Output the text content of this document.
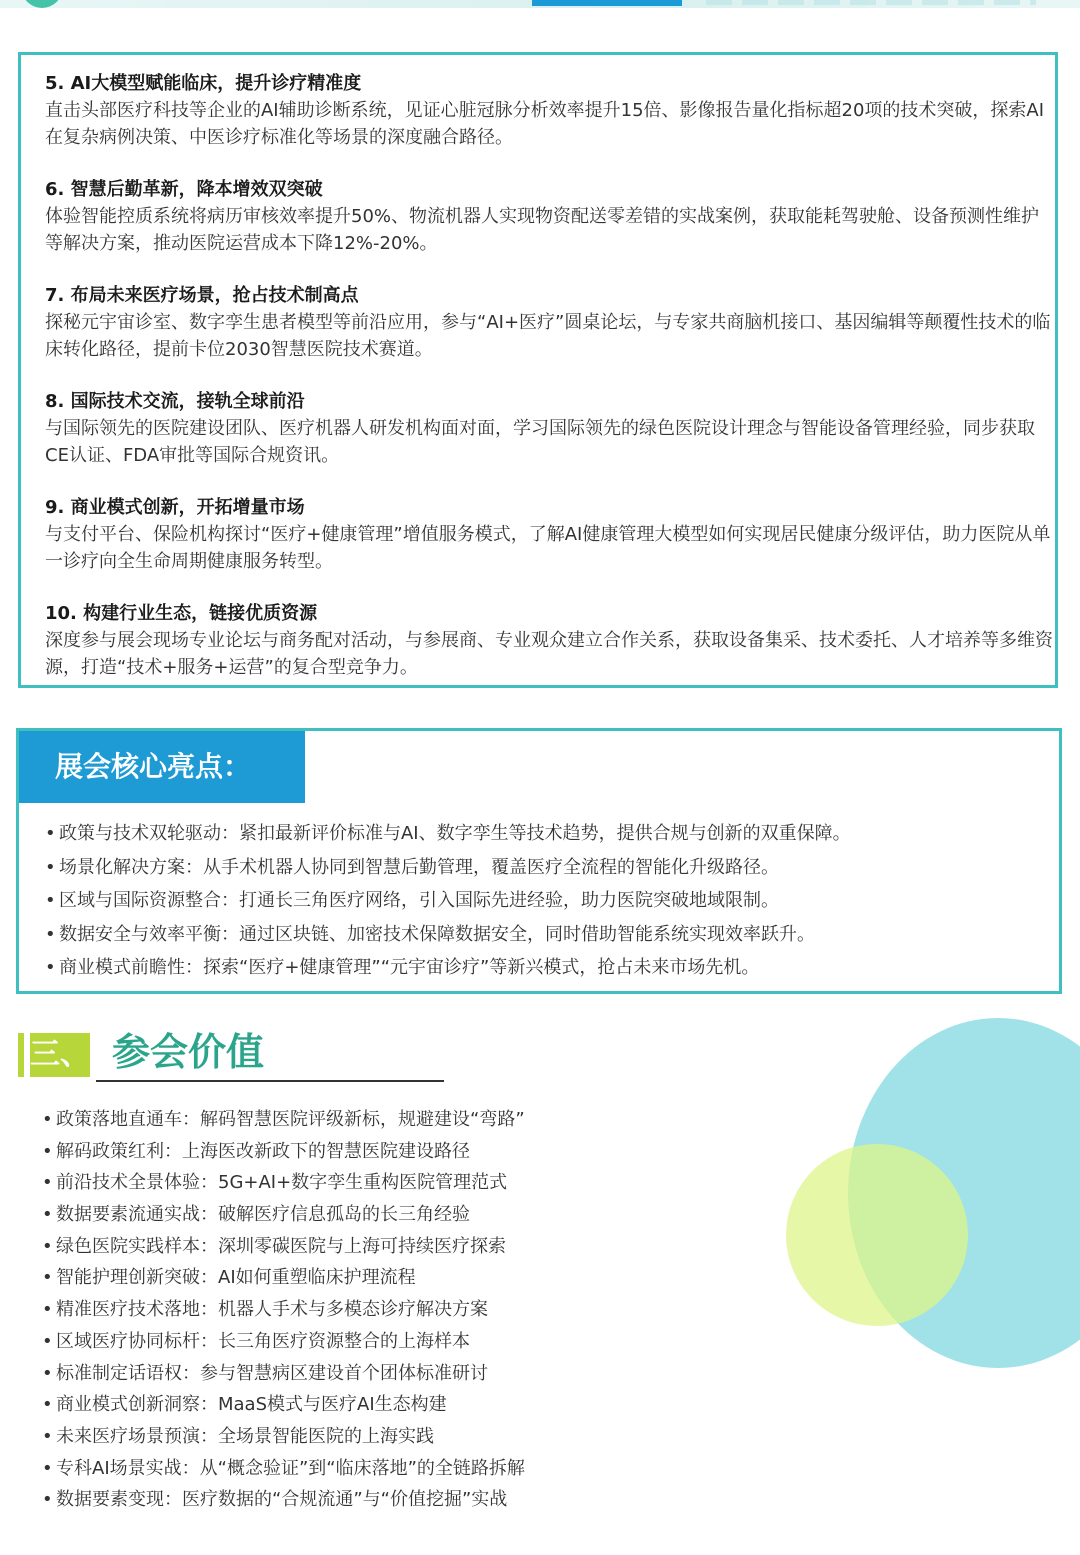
5. AI大模型赋能临床，提升诊疗精准度
直击头部医疗科技等企业的AI辅助诊断系统，见证心脏冠脉分析效率提升15倍、影像报告量化指标超20项的技术突破，探索AI在复杂病例决策、中医诊疗标准化等场景的深度融合路径。
6. 智慧后勤革新，降本增效双突破
体验智能控质系统将病历审核效率提升50%、物流机器人实现物资配送零差错的实战案例，获取能耗驾驶舱、设备预测性维护等解决方案，推动医院运营成本下降12%-20%。
7. 布局未来医疗场景，抢占技术制高点
探秘元宇宙诊室、数字孪生患者模型等前沿应用，参与“AI+医疗”圆桌论坛，与专家共商脑机接口、基因编辑等颠覆性技术的临床转化路径，提前卡位2030智慧医院技术赛道。
8. 国际技术交流，接轨全球前沿
与国际领先的医院建设团队、医疗机器人研发机构面对面，学习国际领先的绿色医院设计理念与智能设备管理经验，同步获取CE认证、FDA审批等国际合规资讯。
9. 商业模式创新，开拓增量市场
与支付平台、保险机构探讨“医疗+健康管理”增值服务模式，了解AI健康管理大模型如何实现居民健康分级评估，助力医院从单一诊疗向全生命周期健康服务转型。
10. 构建行业生态，链接优质资源
深度参与展会现场专业论坛与商务配对活动，与参展商、专业观众建立合作关系，获取设备集采、技术委托、人才培养等多维资源，打造“技术+服务+运营”的复合型竞争力。
展会核心亮点：
• 政策与技术双轮驱动：紧扣最新评价标准与AI、数字孪生等技术趋势，提供合规与创新的双重保障。
• 场景化解决方案：从手术机器人协同到智慧后勤管理，覆盖医疗全流程的智能化升级路径。
• 区域与国际资源整合：打通长三角医疗网络，引入国际先进经验，助力医院突破地域限制。
• 数据安全与效率平衡：通过区块链、加密技术保障数据安全，同时借助智能系统实现效率跃升。
• 商业模式前瞻性：探索“医疗+健康管理”“元宇宙诊疗”等新兴模式，抢占未来市场先机。
三、 参会价值
• 政策落地直通车：解码智慧医院评级新标，规避建设“弯路”
• 解码政策红利：上海医改新政下的智慧医院建设路径
• 前沿技术全景体验：5G+AI+数字孪生重构医院管理范式
• 数据要素流通实战：破解医疗信息孤岛的长三角经验
• 绿色医院实践样本：深圳零碳医院与上海可持续医疗探索
• 智能护理创新突破：AI如何重塑临床护理流程
• 精准医疗技术落地：机器人手术与多模态诊疗解决方案
• 区域医疗协同标杆：长三角医疗资源整合的上海样本
• 标准制定话语权：参与智慧病区建设首个团体标准研讨
• 商业模式创新洞察：MaaS模式与医疗AI生态构建
• 未来医疗场景预演：全场景智能医院的上海实践
• 专科AI场景实战：从“概念验证”到“临床落地”的全链路拆解
• 数据要素变现：医疗数据的“合规流通”与“价值挖掘”实战
